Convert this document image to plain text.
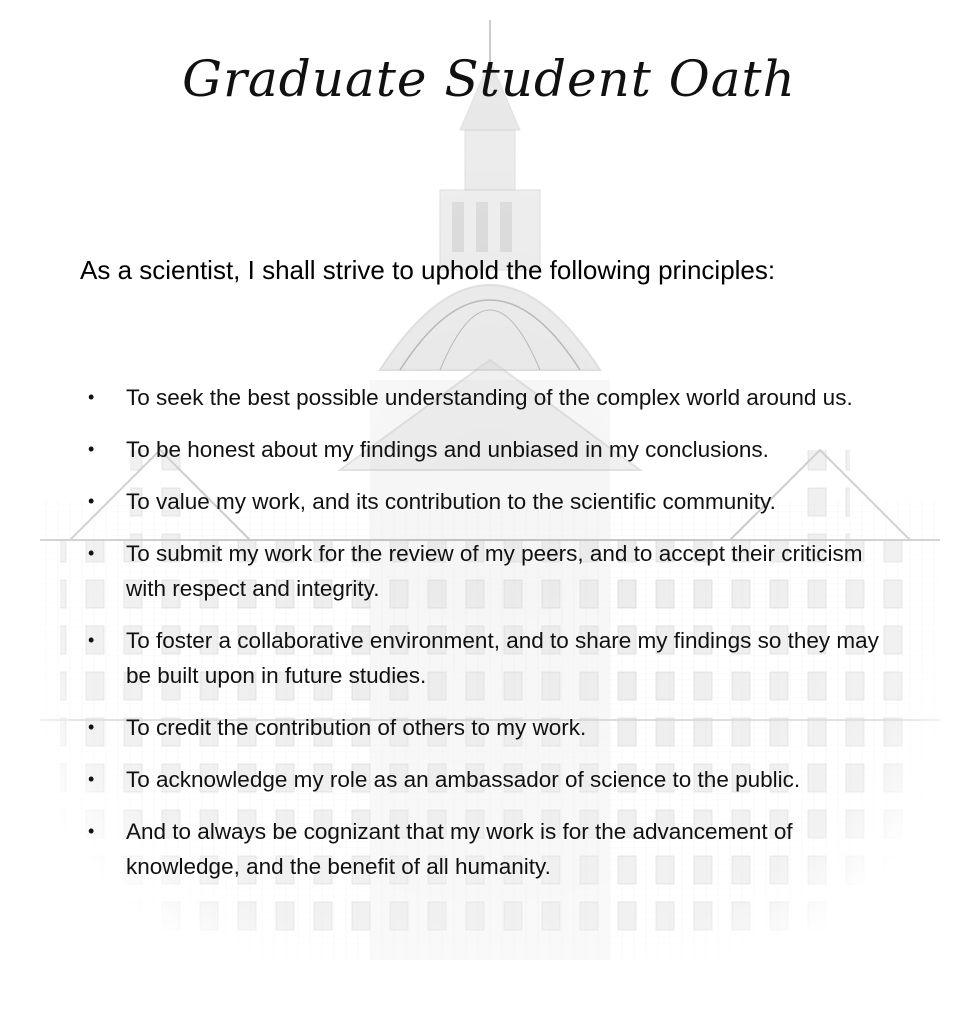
Graduate Student Oath

As a scientist, I shall strive to uphold the following principles:

•	To seek the best possible understanding of the complex world around us.
•	To be honest about my findings and unbiased in my conclusions.
•	To value my work, and its contribution to the scientific community.
•	To submit my work for the review of my peers, and to accept their criticism with respect and integrity.
•	To foster a collaborative environment, and to share my findings so they may be built upon in future studies.
•	To credit the contribution of others to my work.
•	To acknowledge my role as an ambassador of science to the public.
•	And to always be cognizant that my work is for the advancement of knowledge, and the benefit of all humanity.
